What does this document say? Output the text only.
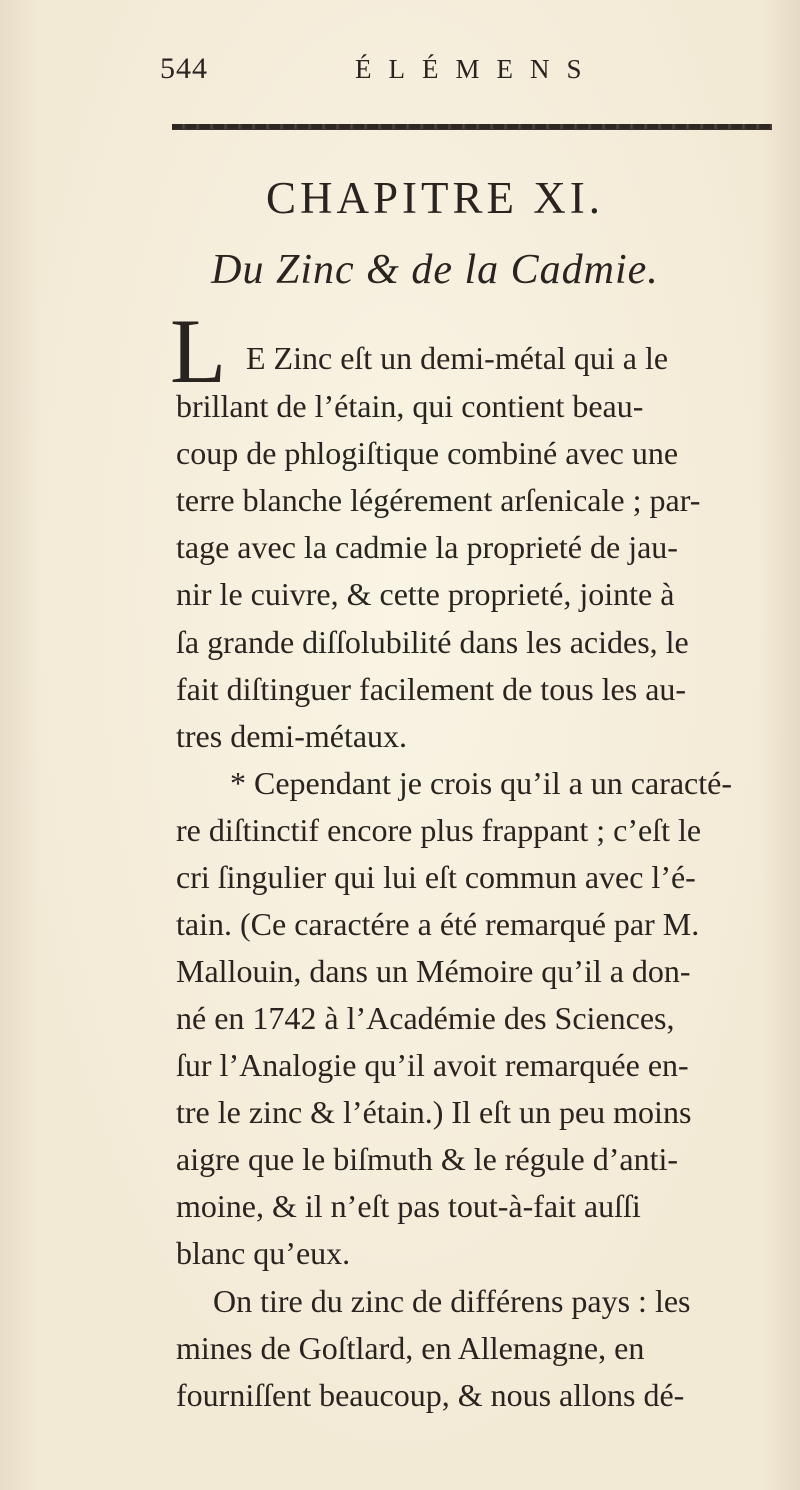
544	ÉLÉMENS
CHAPITRE XI.
Du Zinc & de la Cadmie.
L E Zinc eſt un demi-métal qui a le
brillant de l’étain, qui contient beau-
coup de phlogiſtique combiné avec une
terre blanche légérement arſenicale ; par-
tage avec la cadmie la proprieté de jau-
nir le cuivre, & cette proprieté, jointe à
ſa grande diſſolubilité dans les acides, le
fait diſtinguer facilement de tous les au-
tres demi-métaux.
* Cependant je crois qu’il a un caracté-
re diſtinctif encore plus frappant ; c’eſt le
cri ſingulier qui lui eſt commun avec l’é-
tain. (Ce caractére a été remarqué par M.
Mallouin, dans un Mémoire qu’il a don-
né en 1742 à l’Académie des Sciences,
ſur l’Analogie qu’il avoit remarquée en-
tre le zinc & l’étain.) Il eſt un peu moins
aigre que le biſmuth & le régule d’anti-
moine, & il n’eſt pas tout-à-fait auſſi
blanc qu’eux.
On tire du zinc de différens pays : les
mines de Goſtlard, en Allemagne, en
fourniſſent beaucoup, & nous allons dé-
